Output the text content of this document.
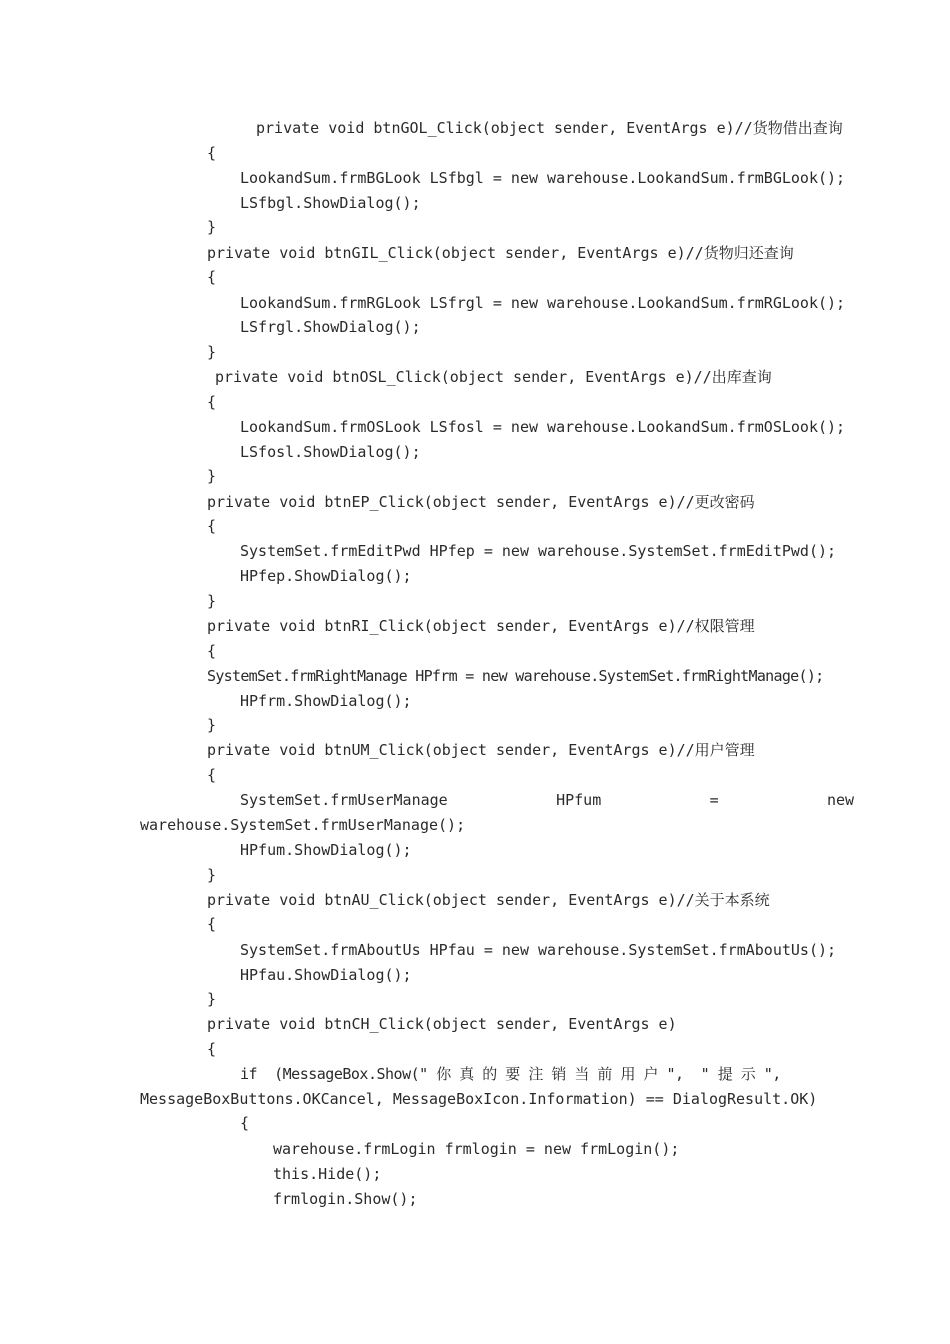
private void btnGOL_Click(object sender, EventArgs e)//货物借出查询
{
LookandSum.frmBGLook LSfbgl = new warehouse.LookandSum.frmBGLook();
LSfbgl.ShowDialog();
}
private void btnGIL_Click(object sender, EventArgs e)//货物归还查询
{
LookandSum.frmRGLook LSfrgl = new warehouse.LookandSum.frmRGLook();
LSfrgl.ShowDialog();
}
private void btnOSL_Click(object sender, EventArgs e)//出库查询
{
LookandSum.frmOSLook LSfosl = new warehouse.LookandSum.frmOSLook();
LSfosl.ShowDialog();
}
private void btnEP_Click(object sender, EventArgs e)//更改密码
{
SystemSet.frmEditPwd HPfep = new warehouse.SystemSet.frmEditPwd();
HPfep.ShowDialog();
}
private void btnRI_Click(object sender, EventArgs e)//权限管理
{
SystemSet.frmRightManage HPfrm = new warehouse.SystemSet.frmRightManage();
HPfrm.ShowDialog();
}
private void btnUM_Click(object sender, EventArgs e)//用户管理
{
SystemSet.frmUserManage            HPfum            =            new
warehouse.SystemSet.frmUserManage();
HPfum.ShowDialog();
}
private void btnAU_Click(object sender, EventArgs e)//关于本系统
{
SystemSet.frmAboutUs HPfau = new warehouse.SystemSet.frmAboutUs();
HPfau.ShowDialog();
}
private void btnCH_Click(object sender, EventArgs e)
{
if  (MessageBox.Show(" 你 真 的 要 注 销 当 前 用 户 ",  " 提 示 ",
MessageBoxButtons.OKCancel, MessageBoxIcon.Information) == DialogResult.OK)
{
warehouse.frmLogin frmlogin = new frmLogin();
this.Hide();
frmlogin.Show();
